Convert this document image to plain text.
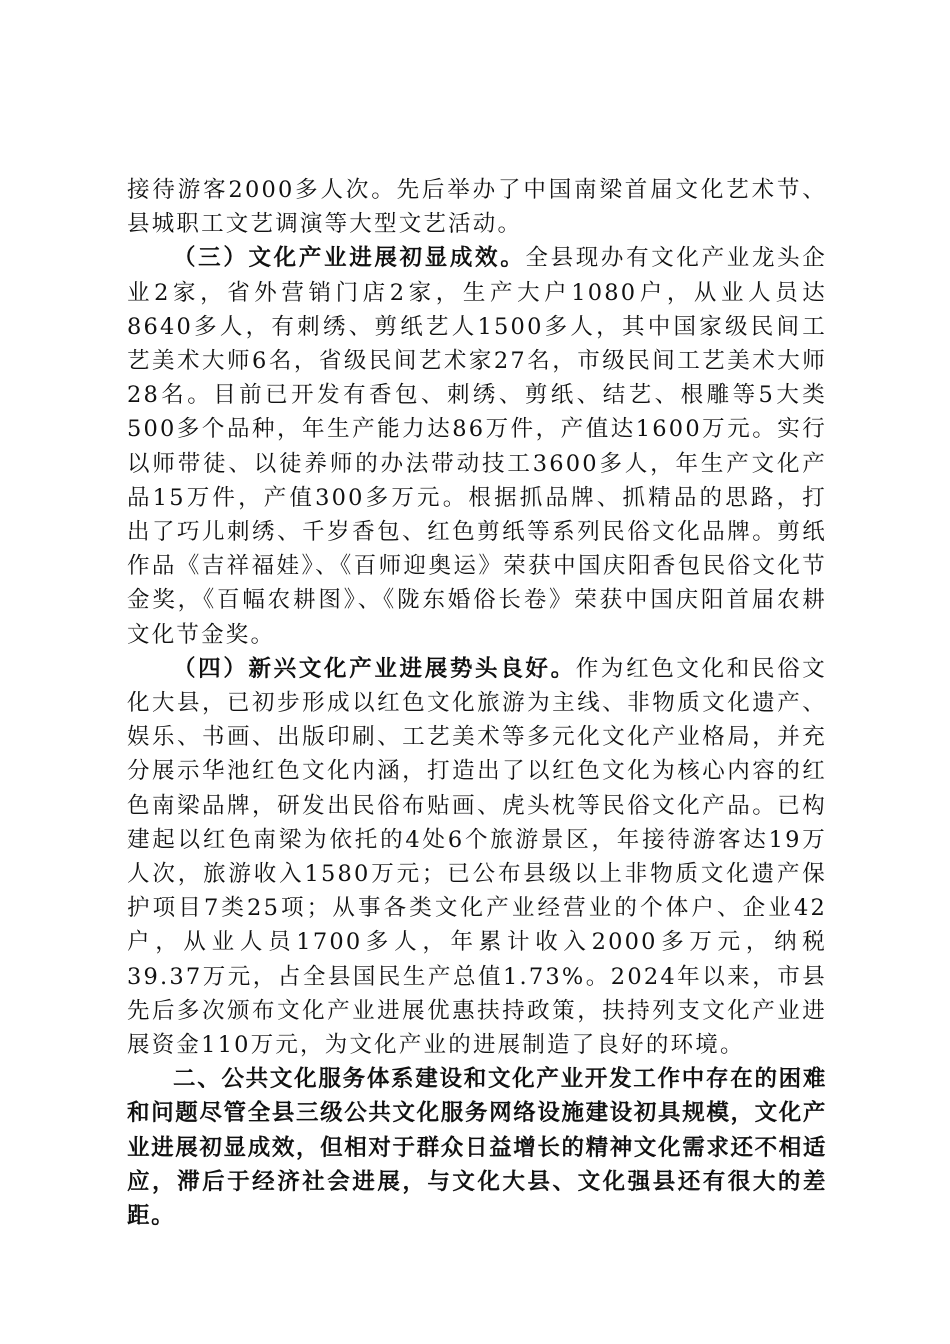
接待游客2000多人次。先后举办了中国南梁首届文化艺术节、县城职工文艺调演等大型文艺活动。

（三）文化产业进展初显成效。全县现办有文化产业龙头企业2家，省外营销门店2家，生产大户1080户，从业人员达8640多人，有刺绣、剪纸艺人1500多人，其中国家级民间工艺美术大师6名，省级民间艺术家27名，市级民间工艺美术大师28名。目前已开发有香包、刺绣、剪纸、结艺、根雕等5大类500多个品种，年生产能力达86万件，产值达1600万元。实行以师带徒、以徒养师的办法带动技工3600多人，年生产文化产品15万件，产值300多万元。根据抓品牌、抓精品的思路，打出了巧儿刺绣、千岁香包、红色剪纸等系列民俗文化品牌。剪纸作品《吉祥福娃》、《百师迎奥运》荣获中国庆阳香包民俗文化节金奖，《百幅农耕图》、《陇东婚俗长卷》荣获中国庆阳首届农耕文化节金奖。

（四）新兴文化产业进展势头良好。作为红色文化和民俗文化大县，已初步形成以红色文化旅游为主线、非物质文化遗产、娱乐、书画、出版印刷、工艺美术等多元化文化产业格局，并充分展示华池红色文化内涵，打造出了以红色文化为核心内容的红色南梁品牌，研发出民俗布贴画、虎头枕等民俗文化产品。已构建起以红色南梁为依托的4处6个旅游景区，年接待游客达19万人次，旅游收入1580万元；已公布县级以上非物质文化遗产保护项目7类25项；从事各类文化产业经营业的个体户、企业42户，从业人员1700多人，年累计收入2000多万元，纳税39.37万元，占全县国民生产总值1.73%。2024年以来，市县先后多次颁布文化产业进展优惠扶持政策，扶持列支文化产业进展资金110万元，为文化产业的进展制造了良好的环境。

二、公共文化服务体系建设和文化产业开发工作中存在的困难和问题尽管全县三级公共文化服务网络设施建设初具规模，文化产业进展初显成效，但相对于群众日益增长的精神文化需求还不相适应，滞后于经济社会进展，与文化大县、文化强县还有很大的差距。
